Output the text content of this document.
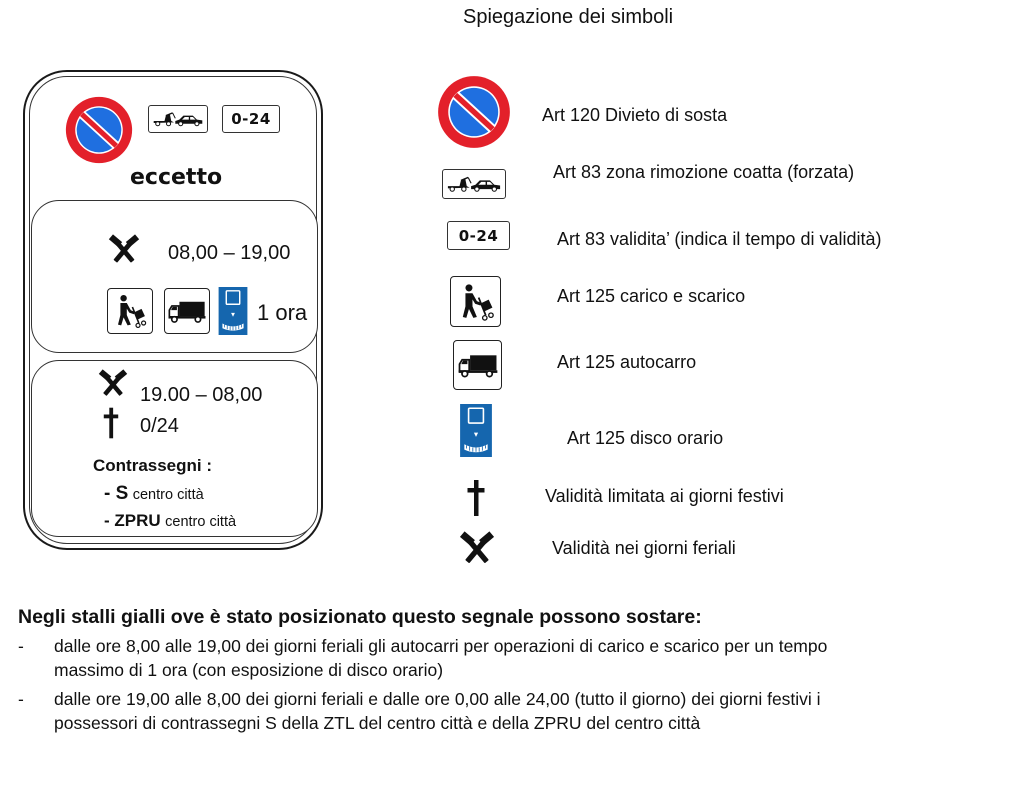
0-24
eccetto
08,00 – 19,00
1 ora
19.00 – 08,00
0/24
Contrassegni :
- S centro città
- ZPRU centro città
Spiegazione dei simboli
Art 120 Divieto di sosta
Art 83 zona rimozione coatta (forzata)
0-24	Art 83 validita’ (indica il tempo di validità)
Art 125 carico e scarico
Art 125 autocarro
Art 125 disco orario
Validità limitata ai giorni festivi
Validità nei giorni feriali
Negli stalli gialli ove è stato posizionato questo segnale possono sostare:
- dalle ore 8,00 alle 19,00 dei giorni feriali gli autocarri per operazioni di carico e scarico per un tempo
massimo di 1 ora (con esposizione di disco orario)
- dalle ore 19,00 alle 8,00 dei giorni feriali e dalle ore 0,00 alle 24,00 (tutto il giorno) dei giorni festivi i
possessori di contrassegni S della ZTL del centro città e della ZPRU del centro città
